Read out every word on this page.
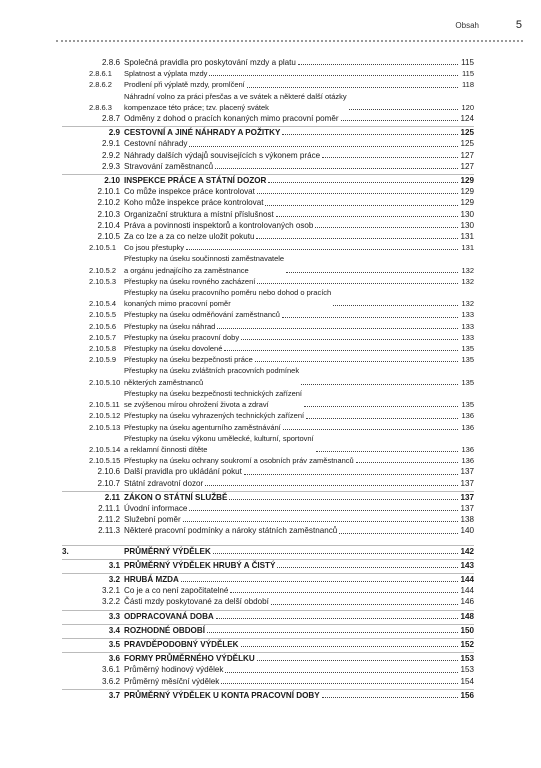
Obsah	5
2.8.6 Společná pravidla pro poskytování mzdy a platu	115
2.8.6.1	Splatnost a výplata mzdy	115
2.8.6.2	Prodlení při výplatě mzdy, promlčení	118
2.8.6.3
Náhradní volno za práci přesčas a ve svátek a některé další otázky
kompenzace této práce; tzv. placený svátek	120
2.8.7 Odměny z dohod o pracích konaných mimo pracovní poměr	124
2.9 CESTOVNÍ A JINÉ NÁHRADY A POŽITKY	125
2.9.1 Cestovní náhrady	125
2.9.2 Náhrady dalších výdajů souvisejících s výkonem práce	127
2.9.3 Stravování zaměstnanců	127
2.10 INSPEKCE PRÁCE A STÁTNÍ DOZOR	129
2.10.1 Co může inspekce práce kontrolovat	129
2.10.2 Koho může inspekce práce kontrolovat	129
2.10.3 Organizační struktura a místní příslušnost	130
2.10.4 Práva a povinnosti inspektorů a kontrolovaných osob	130
2.10.5 Za co lze a za co nelze uložit pokutu	131
2.10.5.1	Co jsou přestupky	131
2.10.5.2
Přestupky na úseku součinnosti zaměstnavatele
a orgánu jednajícího za zaměstnance	132
2.10.5.3	Přestupky na úseku rovného zacházení	132
2.10.5.4
Přestupky na úseku pracovního poměru nebo dohod o pracích
konaných mimo pracovní poměr	132
2.10.5.5	Přestupky na úseku odměňování zaměstnanců	133
2.10.5.6	Přestupky na úseku náhrad	133
2.10.5.7	Přestupky na úseku pracovní doby	133
2.10.5.8	Přestupky na úseku dovolené	135
2.10.5.9	Přestupky na úseku bezpečnosti práce	135
2.10.5.10
Přestupky na úseku zvláštních pracovních podmínek
některých zaměstnanců	135
2.10.5.11
Přestupky na úseku bezpečnosti technických zařízení
se zvýšenou mírou ohrožení života a zdraví	135
2.10.5.12 Přestupky na úseku vyhrazených technických zařízení	136
2.10.5.13 Přestupky na úseku agenturního zaměstnávání	136
2.10.5.14
Přestupky na úseku výkonu umělecké, kulturní, sportovní
a reklamní činnosti dítěte	136
2.10.5.15 Přestupky na úseku ochrany soukromí a osobních práv zaměstnanců	136
2.10.6 Další pravidla pro ukládání pokut	137
2.10.7 Státní zdravotní dozor	137
2.11 ZÁKON O STÁTNÍ SLUŽBĚ	137
2.11.1 Úvodní informace	137
2.11.2 Služební poměr	138
2.11.3 Některé pracovní podmínky a nároky státních zaměstnanců	140
3.	PRŮMĚRNÝ VÝDĚLEK	142
3.1 PRŮMĚRNÝ VÝDĚLEK HRUBÝ A ČISTÝ	143
3.2 HRUBÁ MZDA	144
3.2.1 Co je a co není započitatelné	144
3.2.2 Části mzdy poskytované za delší období	146
3.3 ODPRACOVANÁ DOBA	148
3.4 ROZHODNÉ OBDOBÍ	150
3.5 PRAVDĚPODOBNÝ VÝDĚLEK	152
3.6 FORMY PRŮMĚRNÉHO VÝDĚLKU	153
3.6.1 Průměrný hodinový výdělek	153
3.6.2 Průměrný měsíční výdělek	154
3.7 PRŮMĚRNÝ VÝDĚLEK U KONTA PRACOVNÍ DOBY	156
